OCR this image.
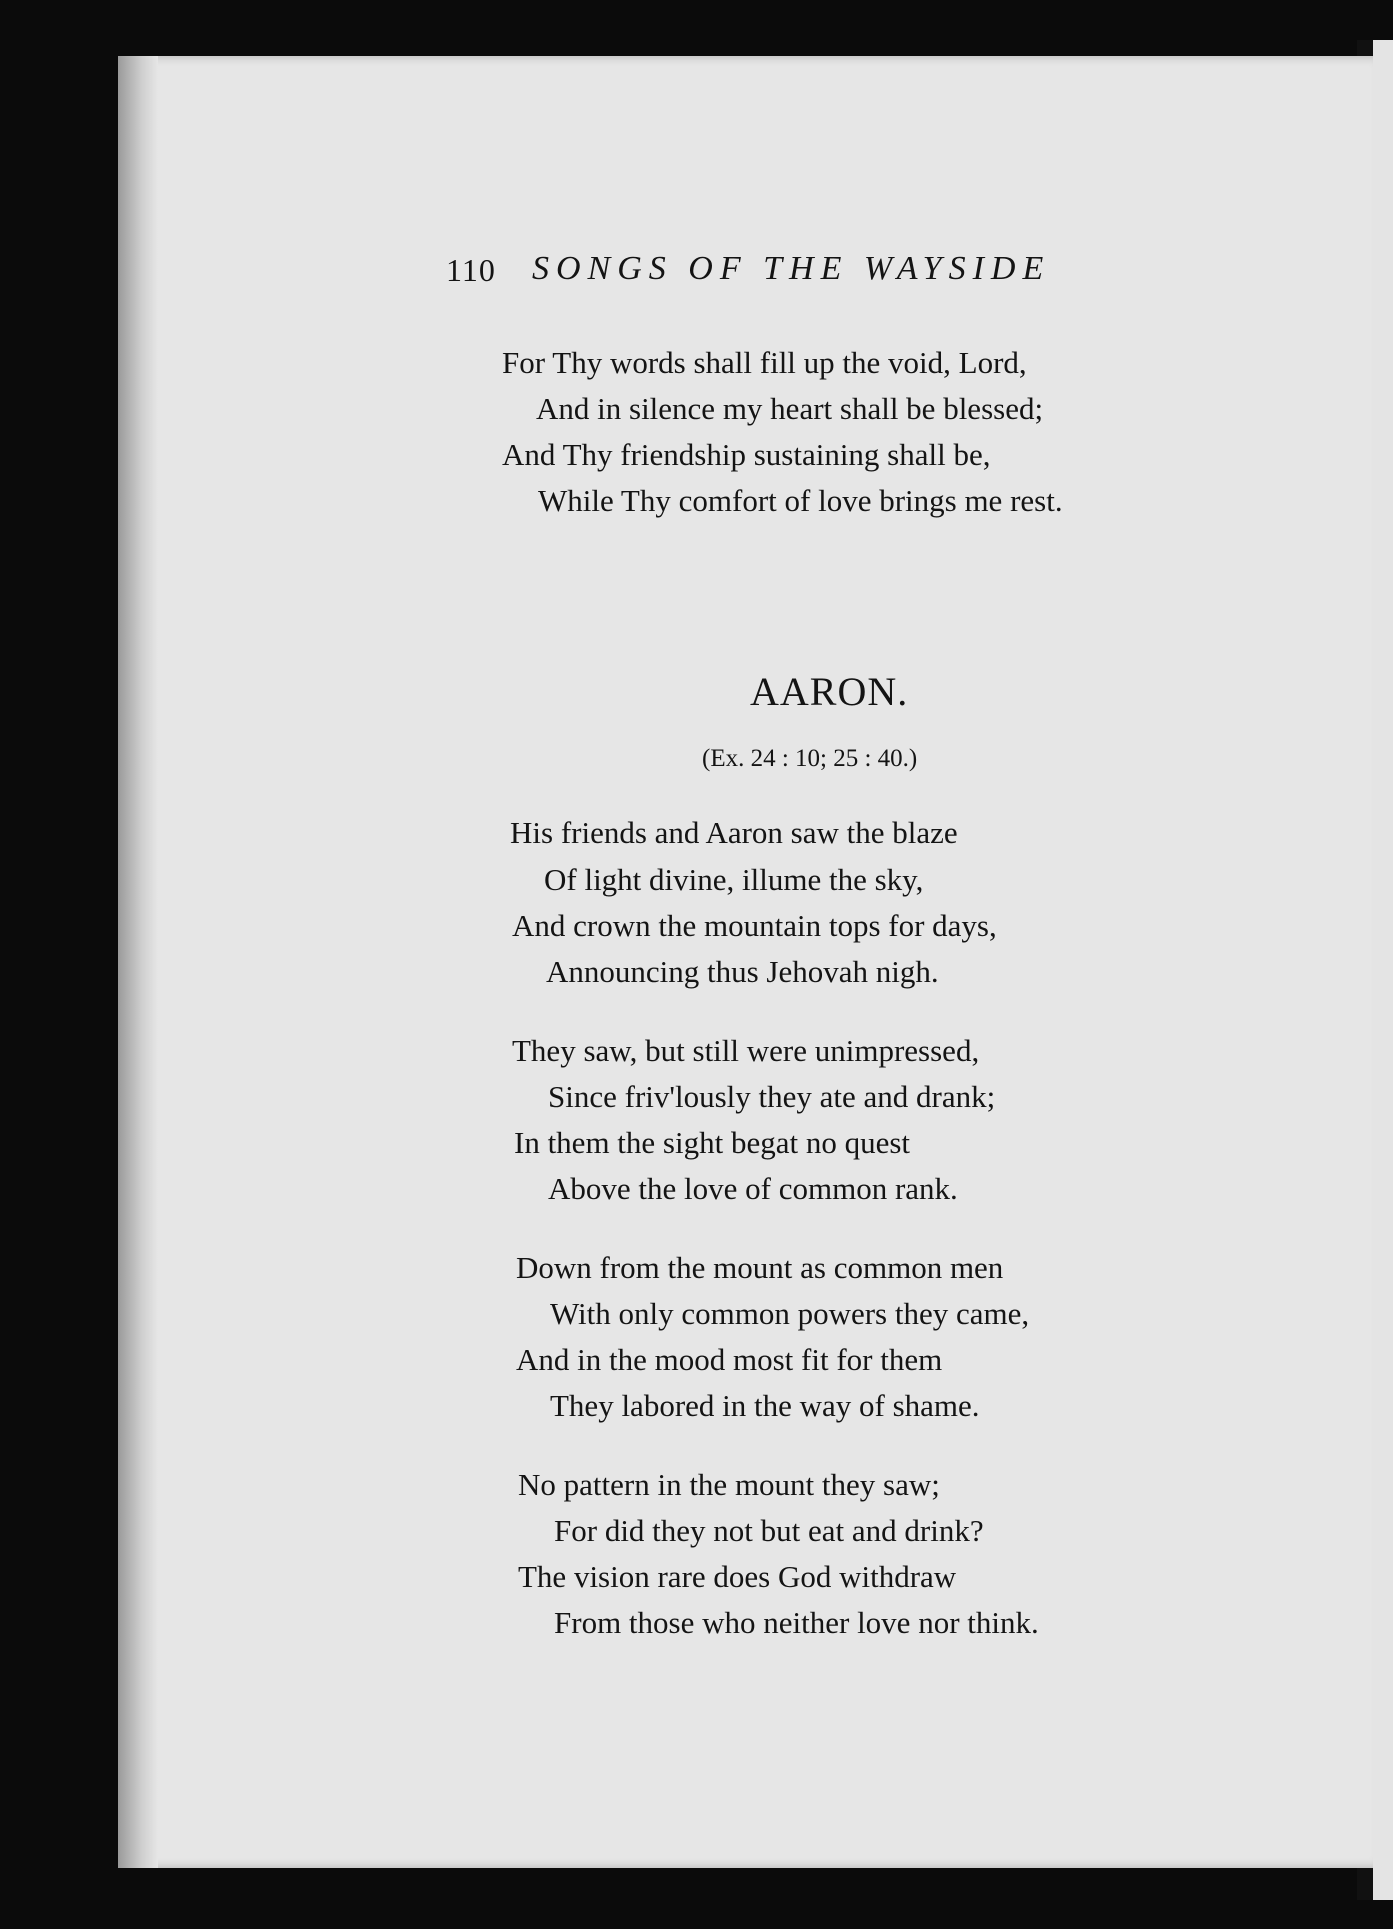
110 SONGS OF THE WAYSIDE
For Thy words shall fill up the void, Lord,
And in silence my heart shall be blessed;
And Thy friendship sustaining shall be,
While Thy comfort of love brings me rest.
AARON.
(Ex. 24 : 10; 25 : 40.)
His friends and Aaron saw the blaze
Of light divine, illume the sky,
And crown the mountain tops for days,
Announcing thus Jehovah nigh.
They saw, but still were unimpressed,
Since friv'lously they ate and drank;
In them the sight begat no quest
Above the love of common rank.
Down from the mount as common men
With only common powers they came,
And in the mood most fit for them
They labored in the way of shame.
No pattern in the mount they saw;
For did they not but eat and drink?
The vision rare does God withdraw
From those who neither love nor think.
